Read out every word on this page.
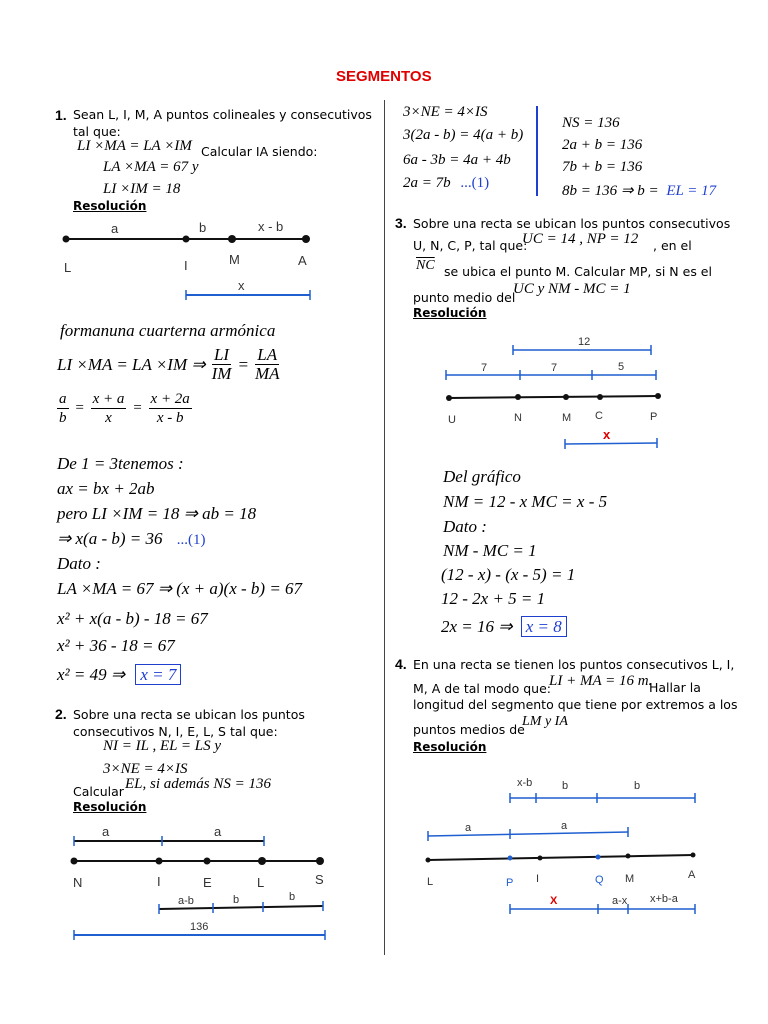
SEGMENTOS
1. Sean L, I, M, A puntos colineales y consecutivos tal que:
LI ×MA = LA ×IM Calcular IA siendo:
LA ×MA = 67 y
LI ×IM = 18
Resolución
a	b	x - b
L	I	M	A
x
formanuna cuarterna armónica
LI ×MA = LA ×IM ⇒ $\frac{LI}{IM} = \frac{LA}{MA}$
$\frac{a}{b} = \frac{x + a}{x} = \frac{x + 2a}{x - b}$
De 1 = 3tenemos :
ax = bx + 2ab
pero LI ×IM = 18 ⇒ ab = 18
⇒ x(a - b) = 36 ...(1)
Dato :
LA ×MA = 67 ⇒ (x + a)(x - b) = 67
x² + x(a - b) - 18 = 67
x² + 36 - 18 = 67
x² = 49 ⇒ x = 7
2. Sobre una recta se ubican los puntos consecutivos N, I, E, L, S tal que:
NI = IL , EL = LS y
3×NE = 4×IS
Calcular EL, si además NS = 136
Resolución
a	a
N	I	E	L	S
a-b	b	b
136
3×NE = 4×IS
3(2a - b) = 4(a + b)
6a - 3b = 4a + 4b
2a = 7b ...(1)
NS = 136
2a + b = 136
7b + b = 136
8b = 136 ⇒ b = EL = 17
3. Sobre una recta se ubican los puntos consecutivos
U, N, C, P, tal que:
UC = 14 , NP = 12 , en el
$\overline{NC}$ se ubica el punto M. Calcular MP, si N es el
punto medio del
UC y NM - MC = 1
Resolución
12
7	7	5
U	N	M C	P
x
Del gráfico
NM = 12 - x MC = x - 5
Dato :
NM - MC = 1
(12 - x) - (x - 5) = 1
12 - 2x + 5 = 1
2x = 16 ⇒ x = 8
4. En una recta se tienen los puntos consecutivos L, I,
M, A de tal modo que:
LI + MA = 16 m.
Hallar la
longitud del segmento que tiene por extremos a los
puntos medios de
LM y IA
Resolución
x-b	b	b
a	a
L	P I	Q M	A
X	a-x x+b-a
